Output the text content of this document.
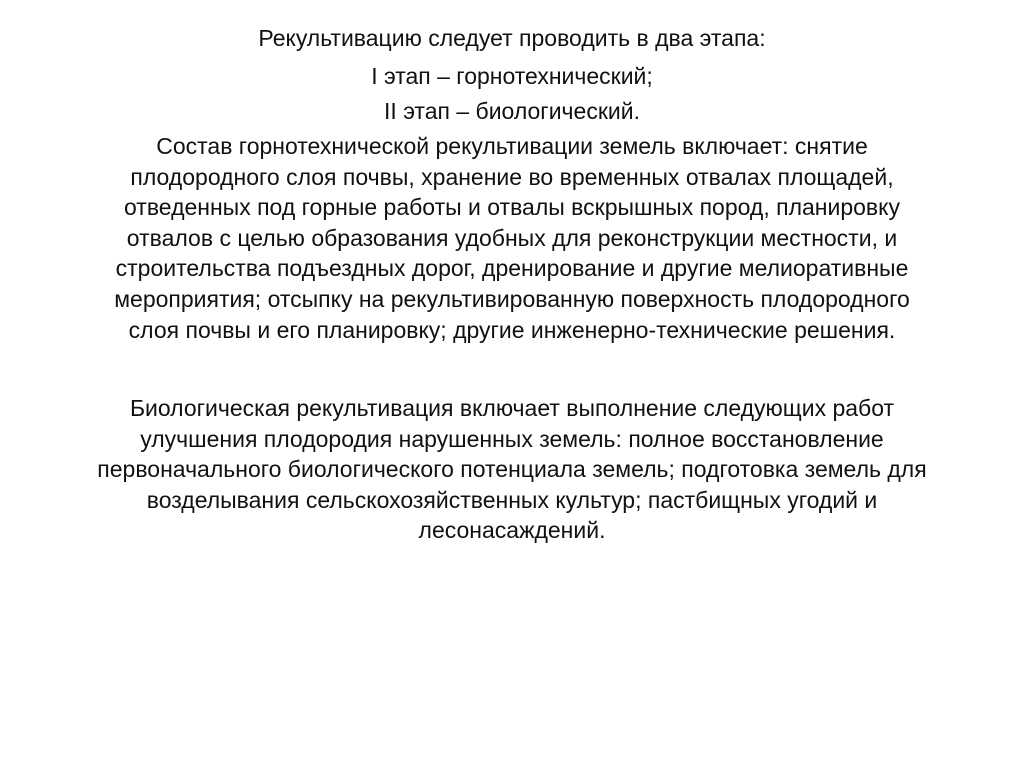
Рекультивацию следует проводить в два этапа:
I этап – горнотехнический;
II этап – биологический.
Состав горнотехнической рекультивации земель включает: снятие
плодородного слоя почвы, хранение во временных отвалах площадей,
отведенных под горные работы и отвалы вскрышных пород, планировку
отвалов с целью образования удобных для реконструкции местности, и
строительства подъездных дорог, дренирование и другие мелиоративные
мероприятия; отсыпку на рекультивированную поверхность плодородного
слоя почвы и его планировку; другие инженерно-технические решения.
Биологическая рекультивация включает выполнение следующих работ
улучшения плодородия нарушенных земель: полное восстановление
первоначального биологического потенциала земель; подготовка земель для
возделывания сельскохозяйственных культур; пастбищных угодий и
лесонасаждений.
